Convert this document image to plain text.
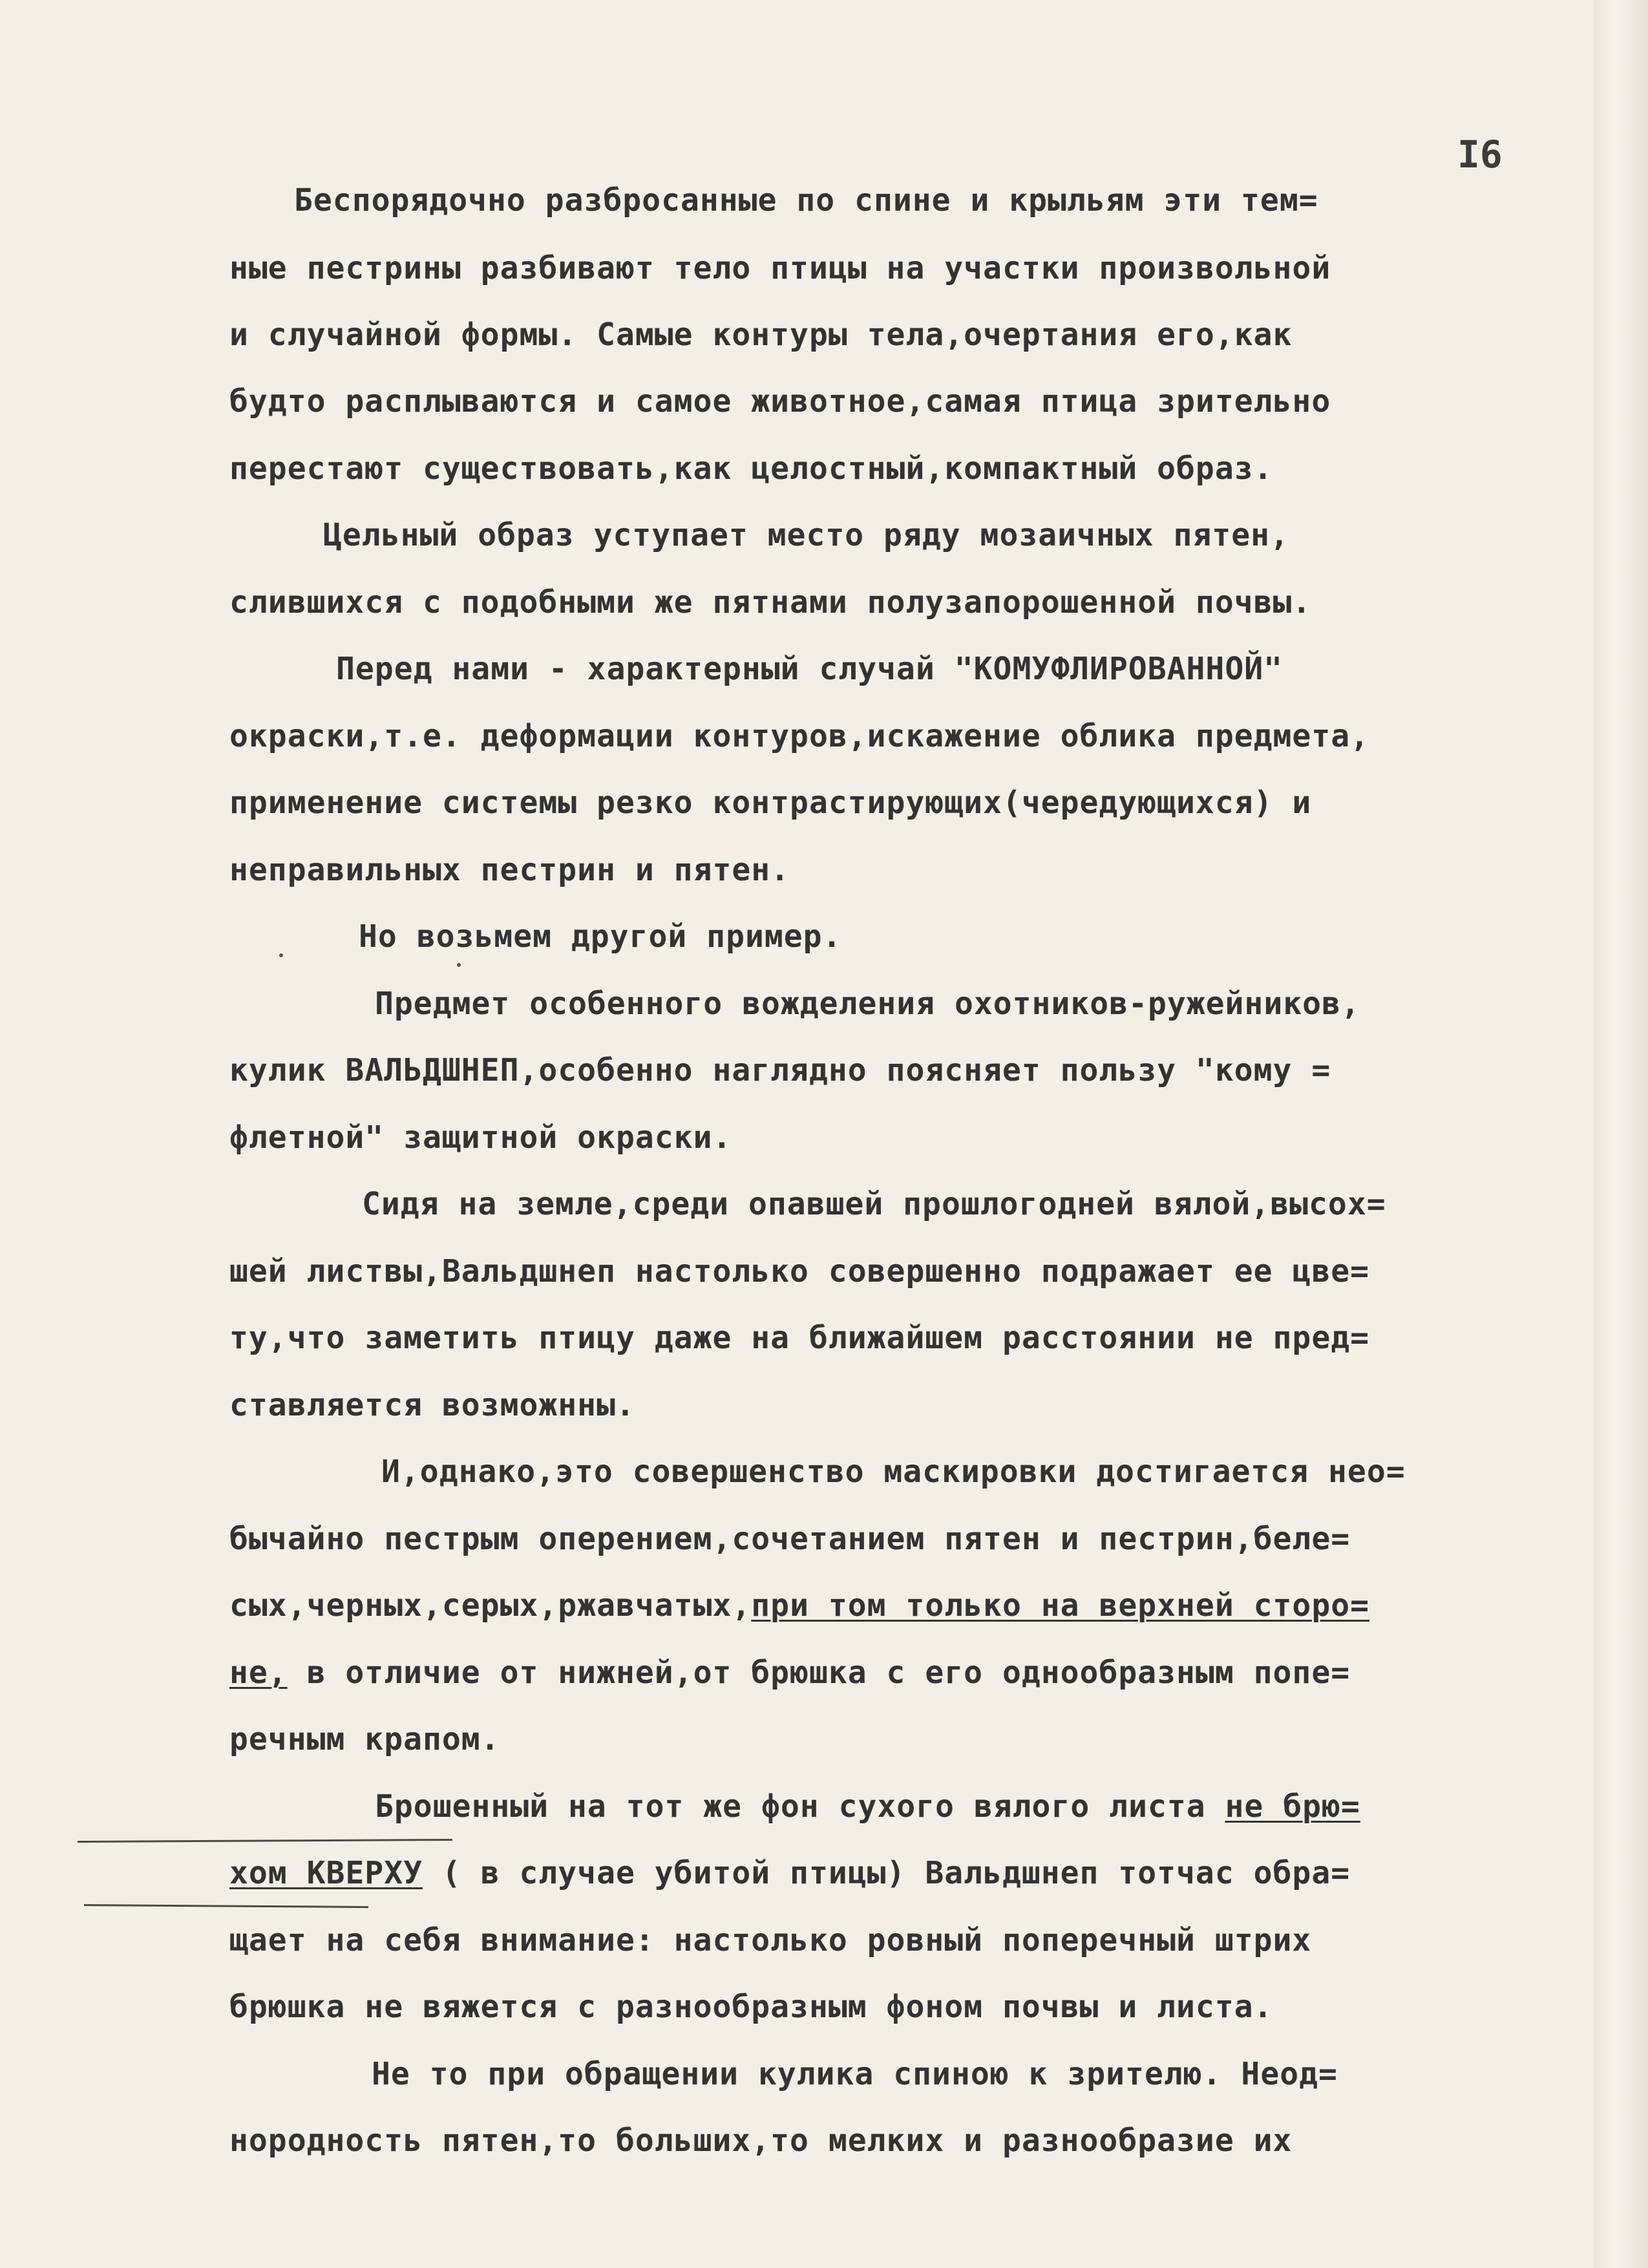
I6
Беспорядочно разбросанные по спине и крыльям эти тем=
ные пестрины разбивают тело птицы на участки произвольной
и случайной формы. Самые контуры тела,очертания его,как
будто расплываются и самое животное,самая птица зрительно
перестают существовать,как целостный,компактный образ.
Цельный образ уступает место ряду мозаичных пятен,
слившихся с подобными же пятнами полузапорошенной почвы.
Перед нами - характерный случай "КОМУФЛИРОВАННОЙ"
окраски,т.е. деформации контуров,искажение облика предмета,
применение системы резко контрастирующих(чередующихся) и
неправильных пестрин и пятен.
Но возьмем другой пример.
Предмет особенного вожделения охотников-ружейников,
кулик ВАЛЬДШНЕП,особенно наглядно поясняет пользу "кому =
флетной" защитной окраски.
Сидя на земле,среди опавшей прошлогодней вялой,высох=
шей листвы,Вальдшнеп настолько совершенно подражает ее цве=
ту,что заметить птицу даже на ближайшем расстоянии не пред=
ставляется возможнны.
И,однако,это совершенство маскировки достигается нео=
бычайно пестрым оперением,сочетанием пятен и пестрин,беле=
сых,черных,серых,ржавчатых,при том только на верхней сторо=
не, в отличие от нижней,от брюшка с его однообразным попе=
речным крапом.
Брошенный на тот же фон сухого вялого листа не брю=
хом КВЕРХУ ( в случае убитой птицы) Вальдшнеп тотчас обра=
щает на себя внимание: настолько ровный поперечный штрих
брюшка не вяжется с разнообразным фоном почвы и листа.
Не то при обращении кулика спиною к зрителю. Неод=
нородность пятен,то больших,то мелких и разнообразие их
